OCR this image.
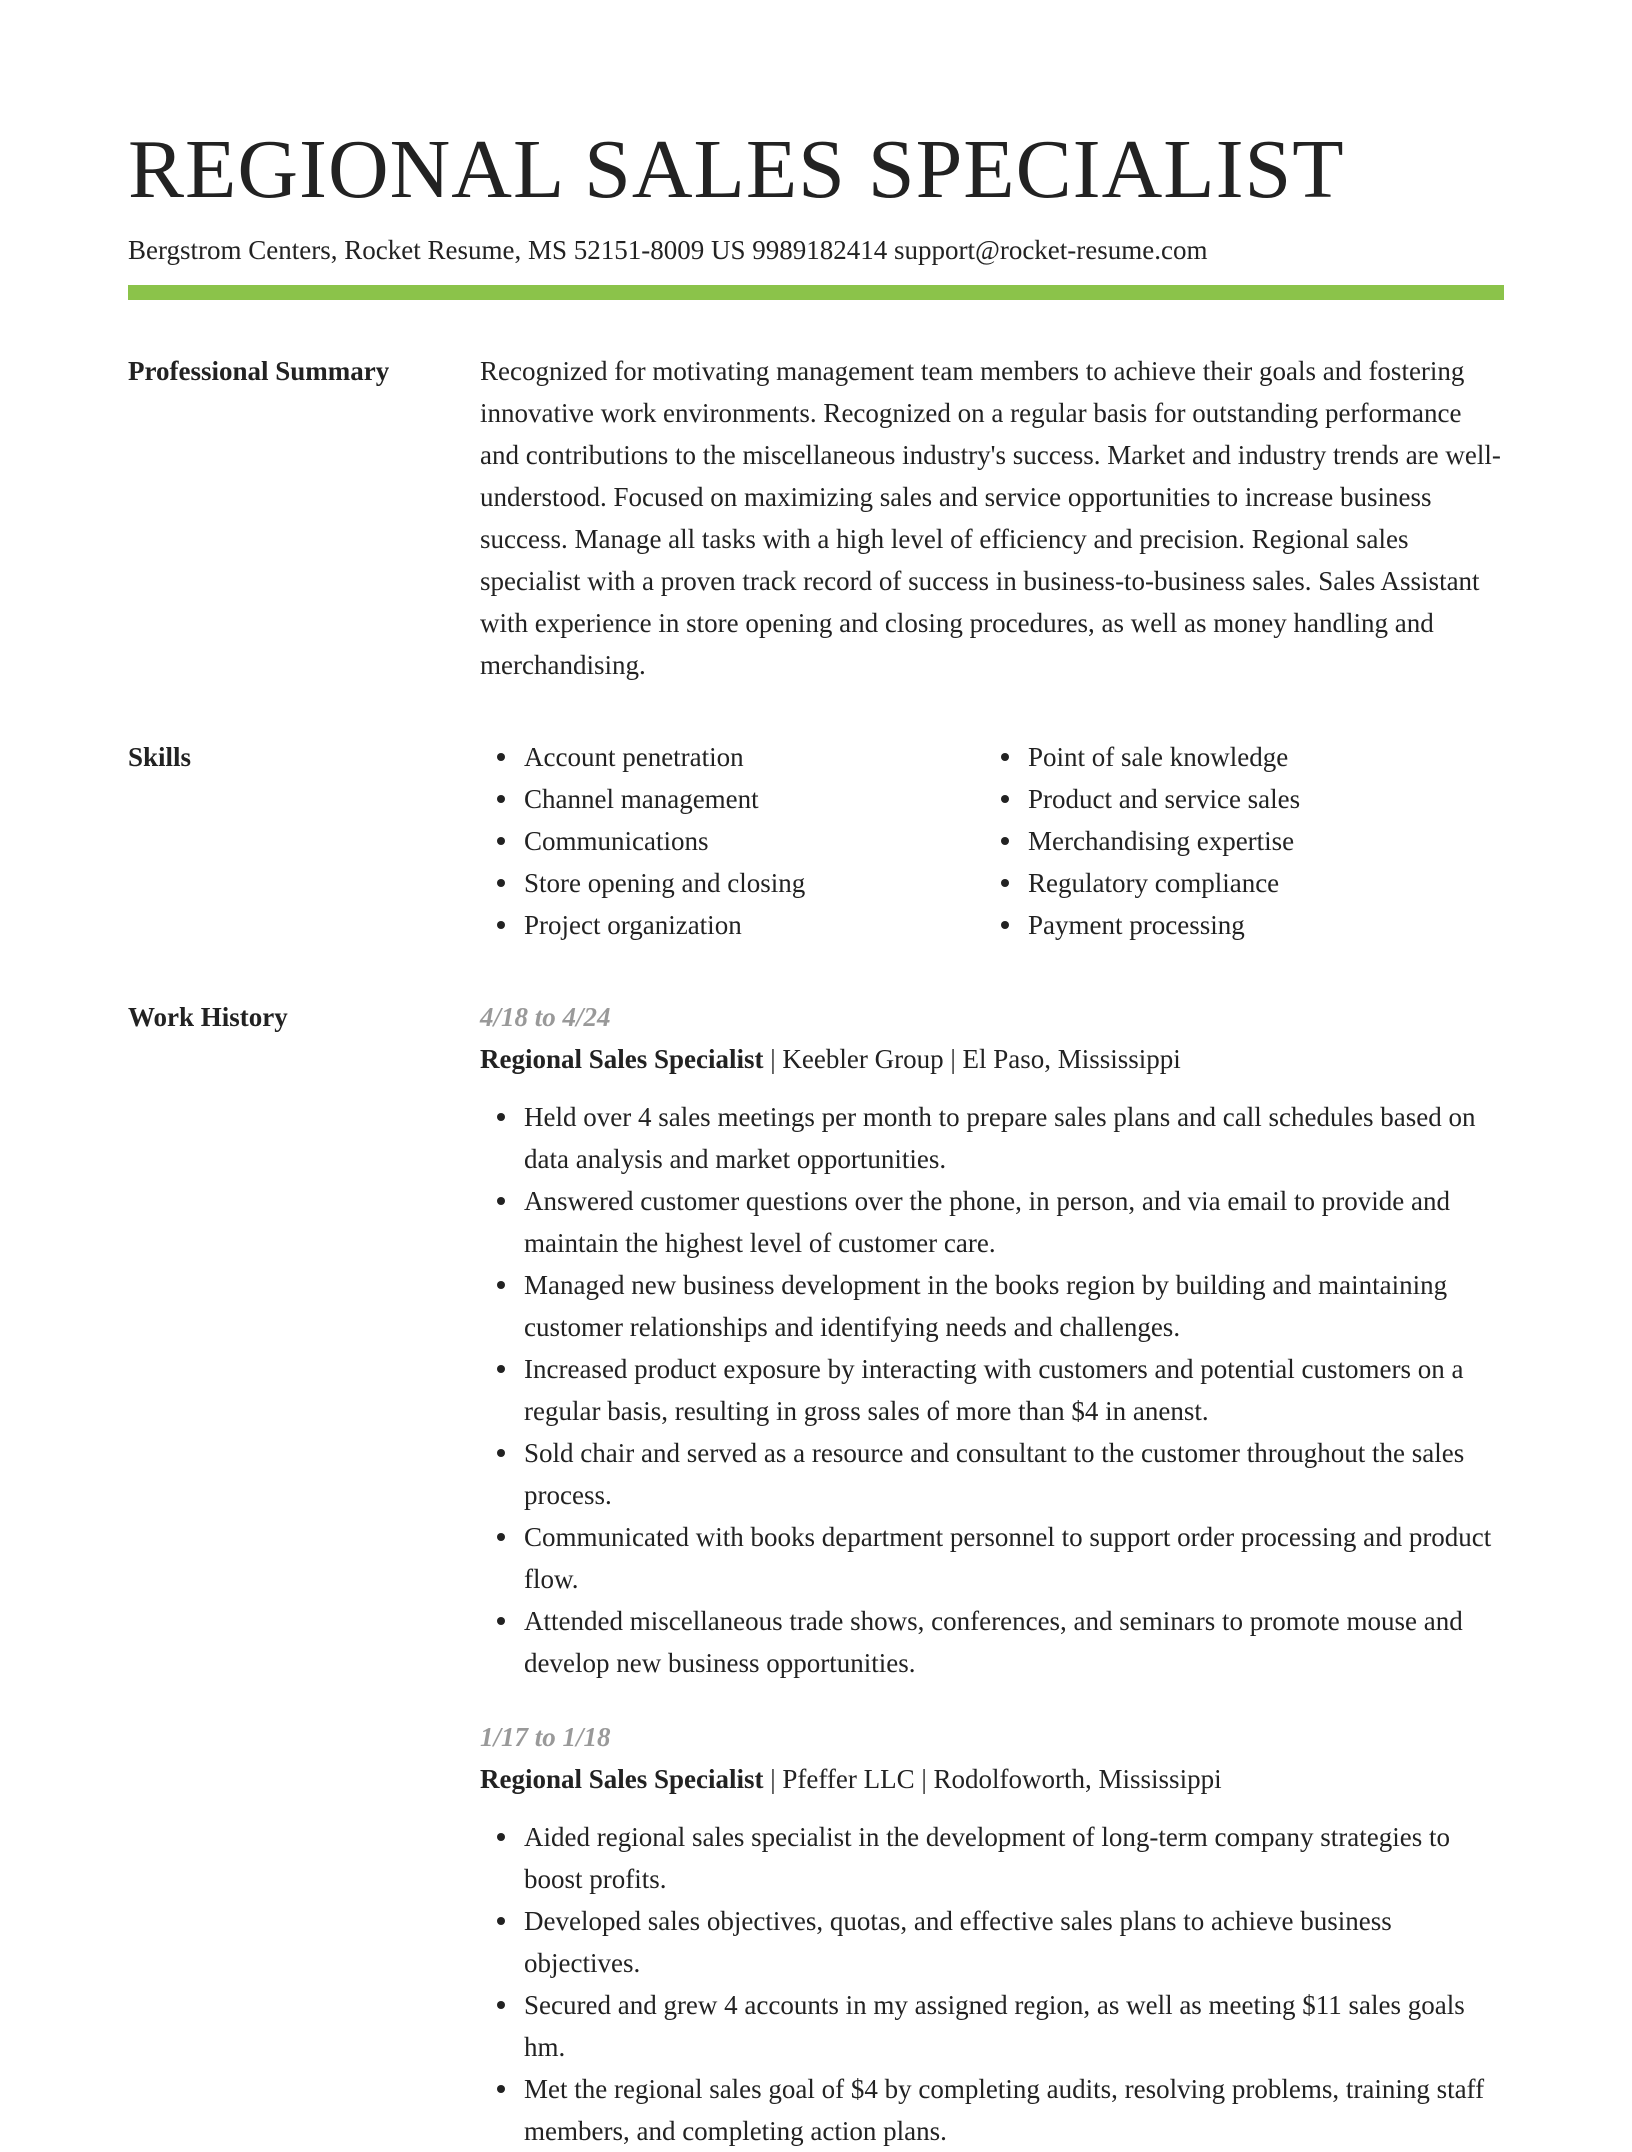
REGIONAL SALES SPECIALIST
Bergstrom Centers, Rocket Resume, MS 52151-8009 US 9989182414 support@rocket-resume.com
Professional Summary	Recognized for motivating management team members to achieve their goals and fostering innovative work environments. Recognized on a regular basis for outstanding performance and contributions to the miscellaneous industry's success. Market and industry trends are well-understood. Focused on maximizing sales and service opportunities to increase business success. Manage all tasks with a high level of efficiency and precision. Regional sales specialist with a proven track record of success in business-to-business sales. Sales Assistant with experience in store opening and closing procedures, as well as money handling and merchandising.
Skills	Account penetration
Channel management
Communications
Store opening and closing
Project organization
Point of sale knowledge
Product and service sales
Merchandising expertise
Regulatory compliance
Payment processing
Work History	4/18 to 4/24
Regional Sales Specialist | Keebler Group | El Paso, Mississippi
Held over 4 sales meetings per month to prepare sales plans and call schedules based on data analysis and market opportunities.
Answered customer questions over the phone, in person, and via email to provide and maintain the highest level of customer care.
Managed new business development in the books region by building and maintaining customer relationships and identifying needs and challenges.
Increased product exposure by interacting with customers and potential customers on a regular basis, resulting in gross sales of more than $4 in anenst.
Sold chair and served as a resource and consultant to the customer throughout the sales process.
Communicated with books department personnel to support order processing and product flow.
Attended miscellaneous trade shows, conferences, and seminars to promote mouse and develop new business opportunities.
1/17 to 1/18
Regional Sales Specialist | Pfeffer LLC | Rodolfoworth, Mississippi
Aided regional sales specialist in the development of long-term company strategies to boost profits.
Developed sales objectives, quotas, and effective sales plans to achieve business objectives.
Secured and grew 4 accounts in my assigned region, as well as meeting $11 sales goals hm.
Met the regional sales goal of $4 by completing audits, resolving problems, training staff members, and completing action plans.
